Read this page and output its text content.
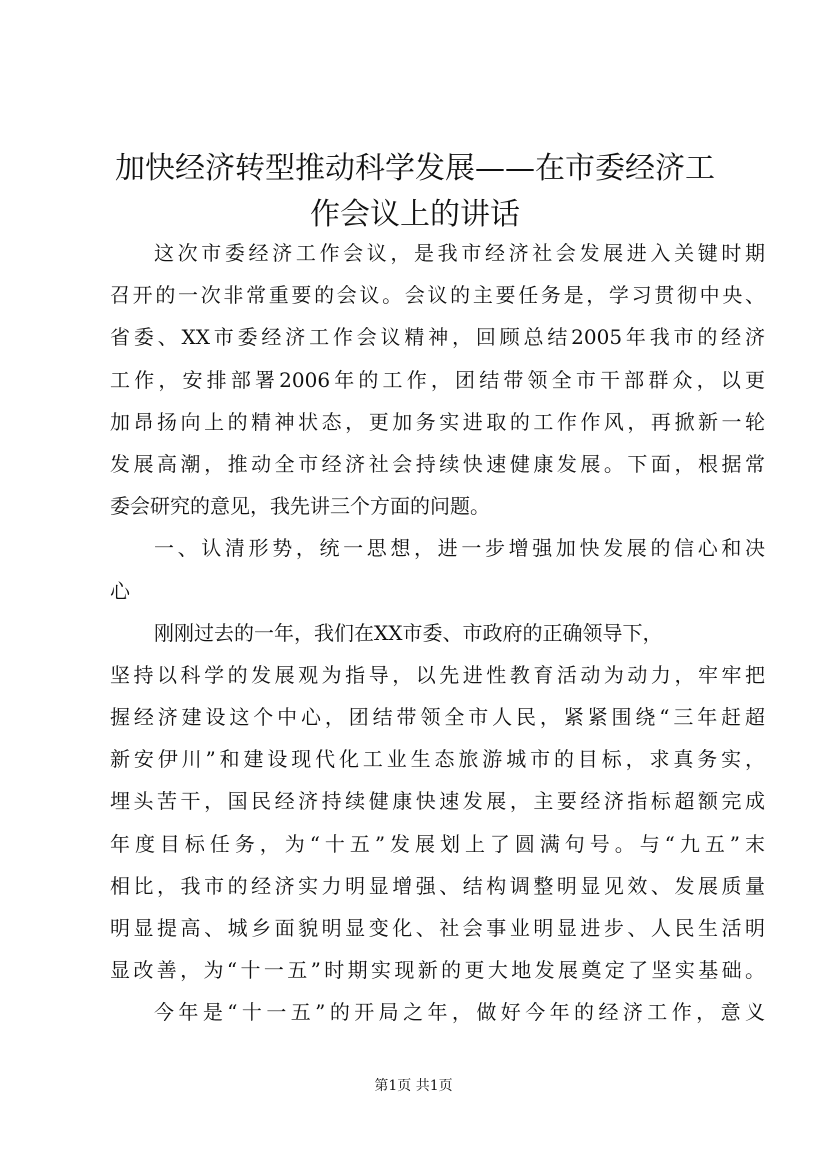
加快经济转型推动科学发展——在市委经济工
作会议上的讲话
这次市委经济工作会议，是我市经济社会发展进入关键时期
召开的一次非常重要的会议。会议的主要任务是，学习贯彻中央、
省委、XX市委经济工作会议精神，回顾总结2005年我市的经济
工作，安排部署2006年的工作，团结带领全市干部群众，以更
加昂扬向上的精神状态，更加务实进取的工作作风，再掀新一轮
发展高潮，推动全市经济社会持续快速健康发展。下面，根据常
委会研究的意见，我先讲三个方面的问题。
一、认清形势，统一思想，进一步增强加快发展的信心和决
心
刚刚过去的一年，我们在XX市委、市政府的正确领导下，
坚持以科学的发展观为指导，以先进性教育活动为动力，牢牢把
握经济建设这个中心，团结带领全市人民，紧紧围绕“三年赶超
新安伊川”和建设现代化工业生态旅游城市的目标，求真务实，
埋头苦干，国民经济持续健康快速发展，主要经济指标超额完成
年度目标任务，为“十五”发展划上了圆满句号。与“九五”末
相比，我市的经济实力明显增强、结构调整明显见效、发展质量
明显提高、城乡面貌明显变化、社会事业明显进步、人民生活明
显改善，为“十一五”时期实现新的更大地发展奠定了坚实基础。
今年是“十一五”的开局之年，做好今年的经济工作，意义
第1页 共1页
